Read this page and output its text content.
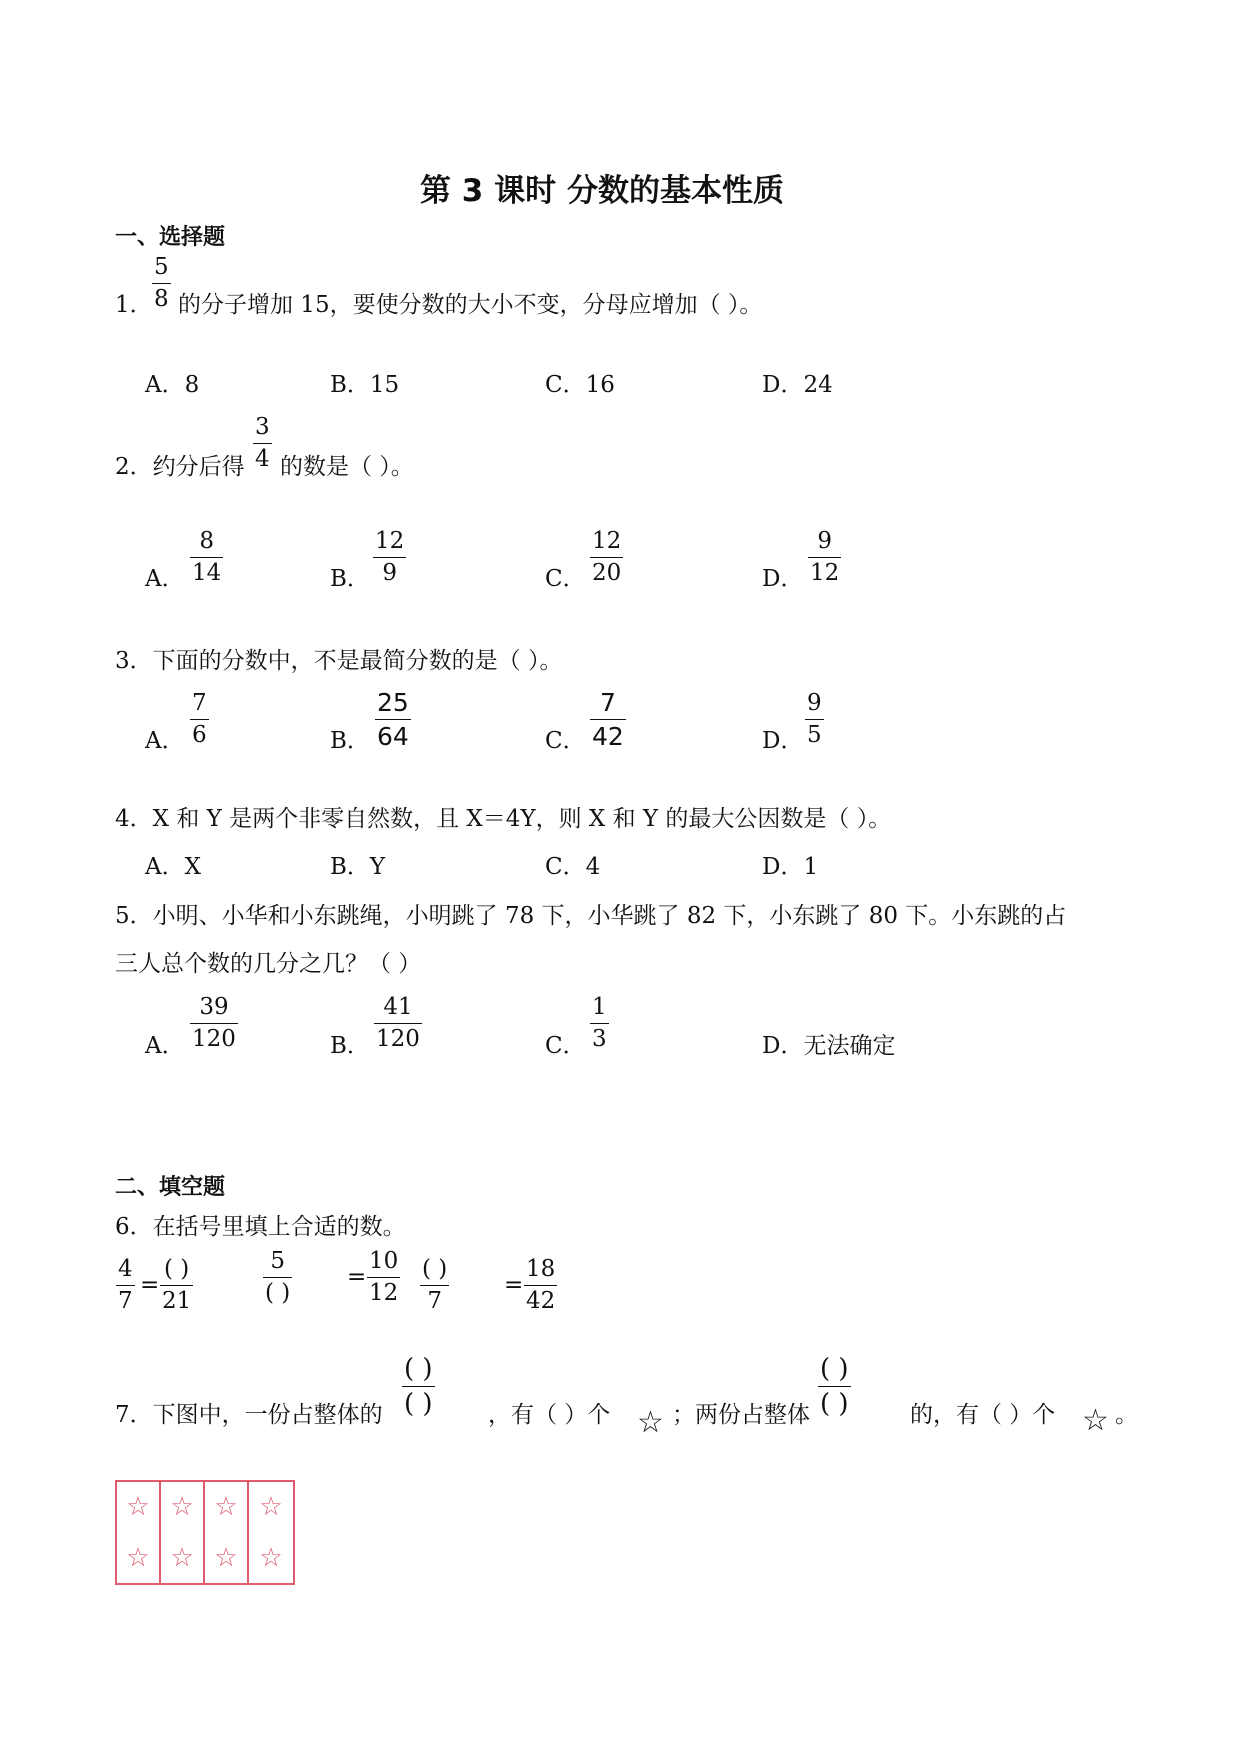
第 3 课时 分数的基本性质
一、选择题
1．
5
8 的分子增加 15，要使分数的大小不变，分母应增加（ ）。
A．8	B．15	C．16	D．24
2．约分后得
3
4 的数是（ ）。
A．
8
14	B．
12
9	C．
12
20	D．
9
12
3．下面的分数中，不是最简分数的是（ ）。
A．
7
6	B．
25
64	C．
7
42	D．
9
5
4．X 和 Y 是两个非零自然数，且 X＝4Y，则 X 和 Y 的最大公因数是（ ）。
A．X	B．Y	C．4	D．1
5．小明、小华和小东跳绳，小明跳了 78 下，小华跳了 82 下，小东跳了 80 下。小东跳的占
三人总个数的几分之几？（ ）
A．
39
120	B．
41
120	C．
1
3	D．无法确定
二、填空题
6．在括号里填上合适的数。
4
7
=
( )
21
5
( )
=
10
12
( )
7
=
18
42
7．下图中，一份占整体的
( )
( ) ，有（ ）个 ☆ ；两份占整体
( )
( )	的，有（ ）个 ☆ 。
☆
☆
☆
☆
☆
☆
☆
☆
